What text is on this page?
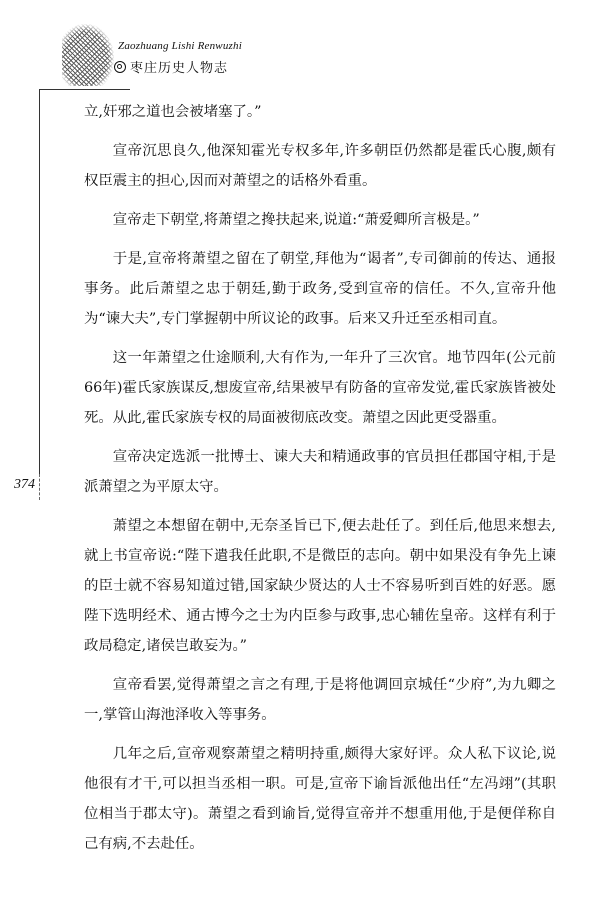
Zaozhuang Lishi Renwuzhi
枣庄历史人物志
374

立,奸邪之道也会被堵塞了。”

宣帝沉思良久,他深知霍光专权多年,许多朝臣仍然都是霍氏心腹,颇有权臣震主的担心,因而对萧望之的话格外看重。

宣帝走下朝堂,将萧望之搀扶起来,说道:“萧爱卿所言极是。”

于是,宣帝将萧望之留在了朝堂,拜他为“谒者”,专司御前的传达、通报事务。此后萧望之忠于朝廷,勤于政务,受到宣帝的信任。不久,宣帝升他为“谏大夫”,专门掌握朝中所议论的政事。后来又升迁至丞相司直。

这一年萧望之仕途顺利,大有作为,一年升了三次官。地节四年(公元前66年)霍氏家族谋反,想废宣帝,结果被早有防备的宣帝发觉,霍氏家族皆被处死。从此,霍氏家族专权的局面被彻底改变。萧望之因此更受器重。

宣帝决定选派一批博士、谏大夫和精通政事的官员担任郡国守相,于是派萧望之为平原太守。

萧望之本想留在朝中,无奈圣旨已下,便去赴任了。到任后,他思来想去,就上书宣帝说:“陛下遣我任此职,不是微臣的志向。朝中如果没有争先上谏的臣士就不容易知道过错,国家缺少贤达的人士不容易听到百姓的好恶。愿陛下选明经术、通古博今之士为内臣参与政事,忠心辅佐皇帝。这样有利于政局稳定,诸侯岂敢妄为。”

宣帝看罢,觉得萧望之言之有理,于是将他调回京城任“少府”,为九卿之一,掌管山海池泽收入等事务。

几年之后,宣帝观察萧望之精明持重,颇得大家好评。众人私下议论,说他很有才干,可以担当丞相一职。可是,宣帝下谕旨派他出任“左冯翊”(其职位相当于郡太守)。萧望之看到谕旨,觉得宣帝并不想重用他,于是便佯称自己有病,不去赴任。
